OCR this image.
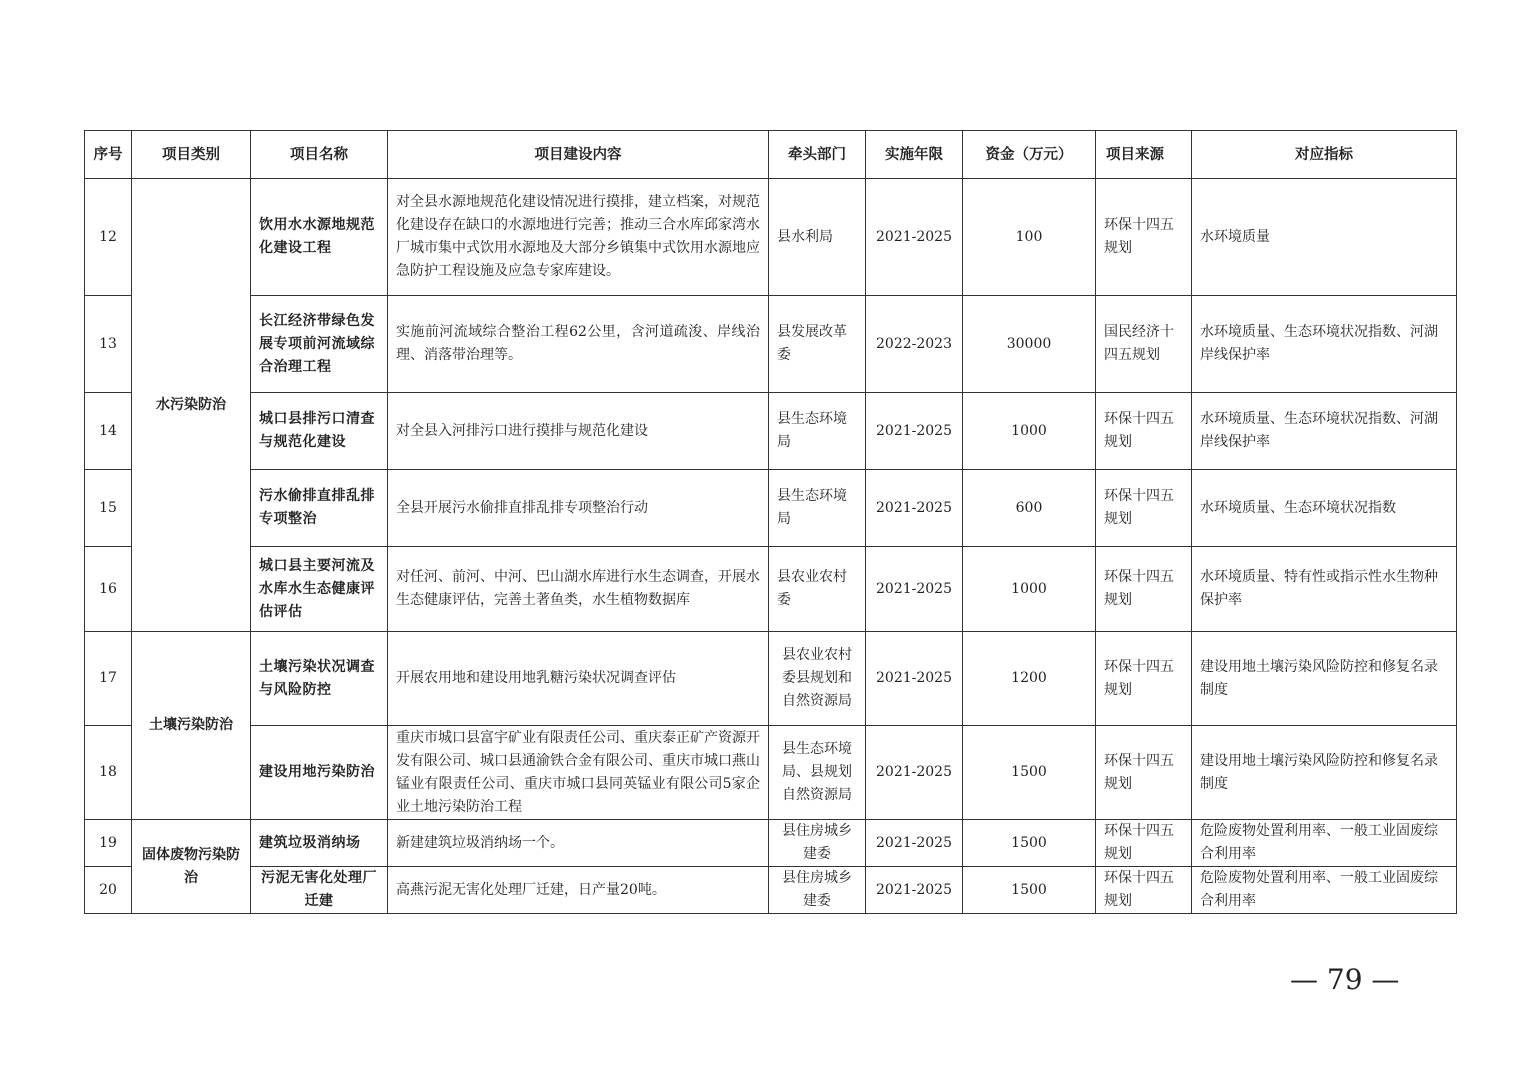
序号	项目类别	项目名称	项目建设内容	牵头部门	实施年限	资金（万元）	项目来源	对应指标
12	水污染防治	饮用水水源地规范化建设工程	对全县水源地规范化建设情况进行摸排，建立档案，对规范化建设存在缺口的水源地进行完善；推动三合水库邱家湾水厂城市集中式饮用水源地及大部分乡镇集中式饮用水源地应急防护工程设施及应急专家库建设。	县水利局	2021-2025	100	环保十四五规划	水环境质量
13		长江经济带绿色发展专项前河流域综合治理工程	实施前河流域综合整治工程62公里，含河道疏浚、岸线治理、消落带治理等。	县发展改革委	2022-2023	30000	国民经济十四五规划	水环境质量、生态环境状况指数、河湖岸线保护率
14		城口县排污口清查与规范化建设	对全县入河排污口进行摸排与规范化建设	县生态环境局	2021-2025	1000	环保十四五规划	水环境质量、生态环境状况指数、河湖岸线保护率
15		污水偷排直排乱排专项整治	全县开展污水偷排直排乱排专项整治行动	县生态环境局	2021-2025	600	环保十四五规划	水环境质量、生态环境状况指数
16		城口县主要河流及水库水生态健康评估评估	对任河、前河、中河、巴山湖水库进行水生态调查，开展水生态健康评估，完善土著鱼类，水生植物数据库	县农业农村委	2021-2025	1000	环保十四五规划	水环境质量、特有性或指示性水生物种保护率
17	土壤污染防治	土壤污染状况调查与风险防控	开展农用地和建设用地乳糖污染状况调查评估	县农业农村委县规划和自然资源局	2021-2025	1200	环保十四五规划	建设用地土壤污染风险防控和修复名录制度
18		建设用地污染防治	重庆市城口县富宇矿业有限责任公司、重庆泰正矿产资源开发有限公司、城口县通渝铁合金有限公司、重庆市城口燕山锰业有限责任公司、重庆市城口县同英锰业有限公司5家企业土地污染防治工程	县生态环境局、县规划自然资源局	2021-2025	1500	环保十四五规划	建设用地土壤污染风险防控和修复名录制度
19	固体废物污染防治	建筑垃圾消纳场	新建建筑垃圾消纳场一个。	县住房城乡建委	2021-2025	1500	环保十四五规划	危险废物处置利用率、一般工业固废综合利用率
20		污泥无害化处理厂迁建	高燕污泥无害化处理厂迁建，日产量20吨。	县住房城乡建委	2021-2025	1500	环保十四五规划	危险废物处置利用率、一般工业固废综合利用率
— 79 —
